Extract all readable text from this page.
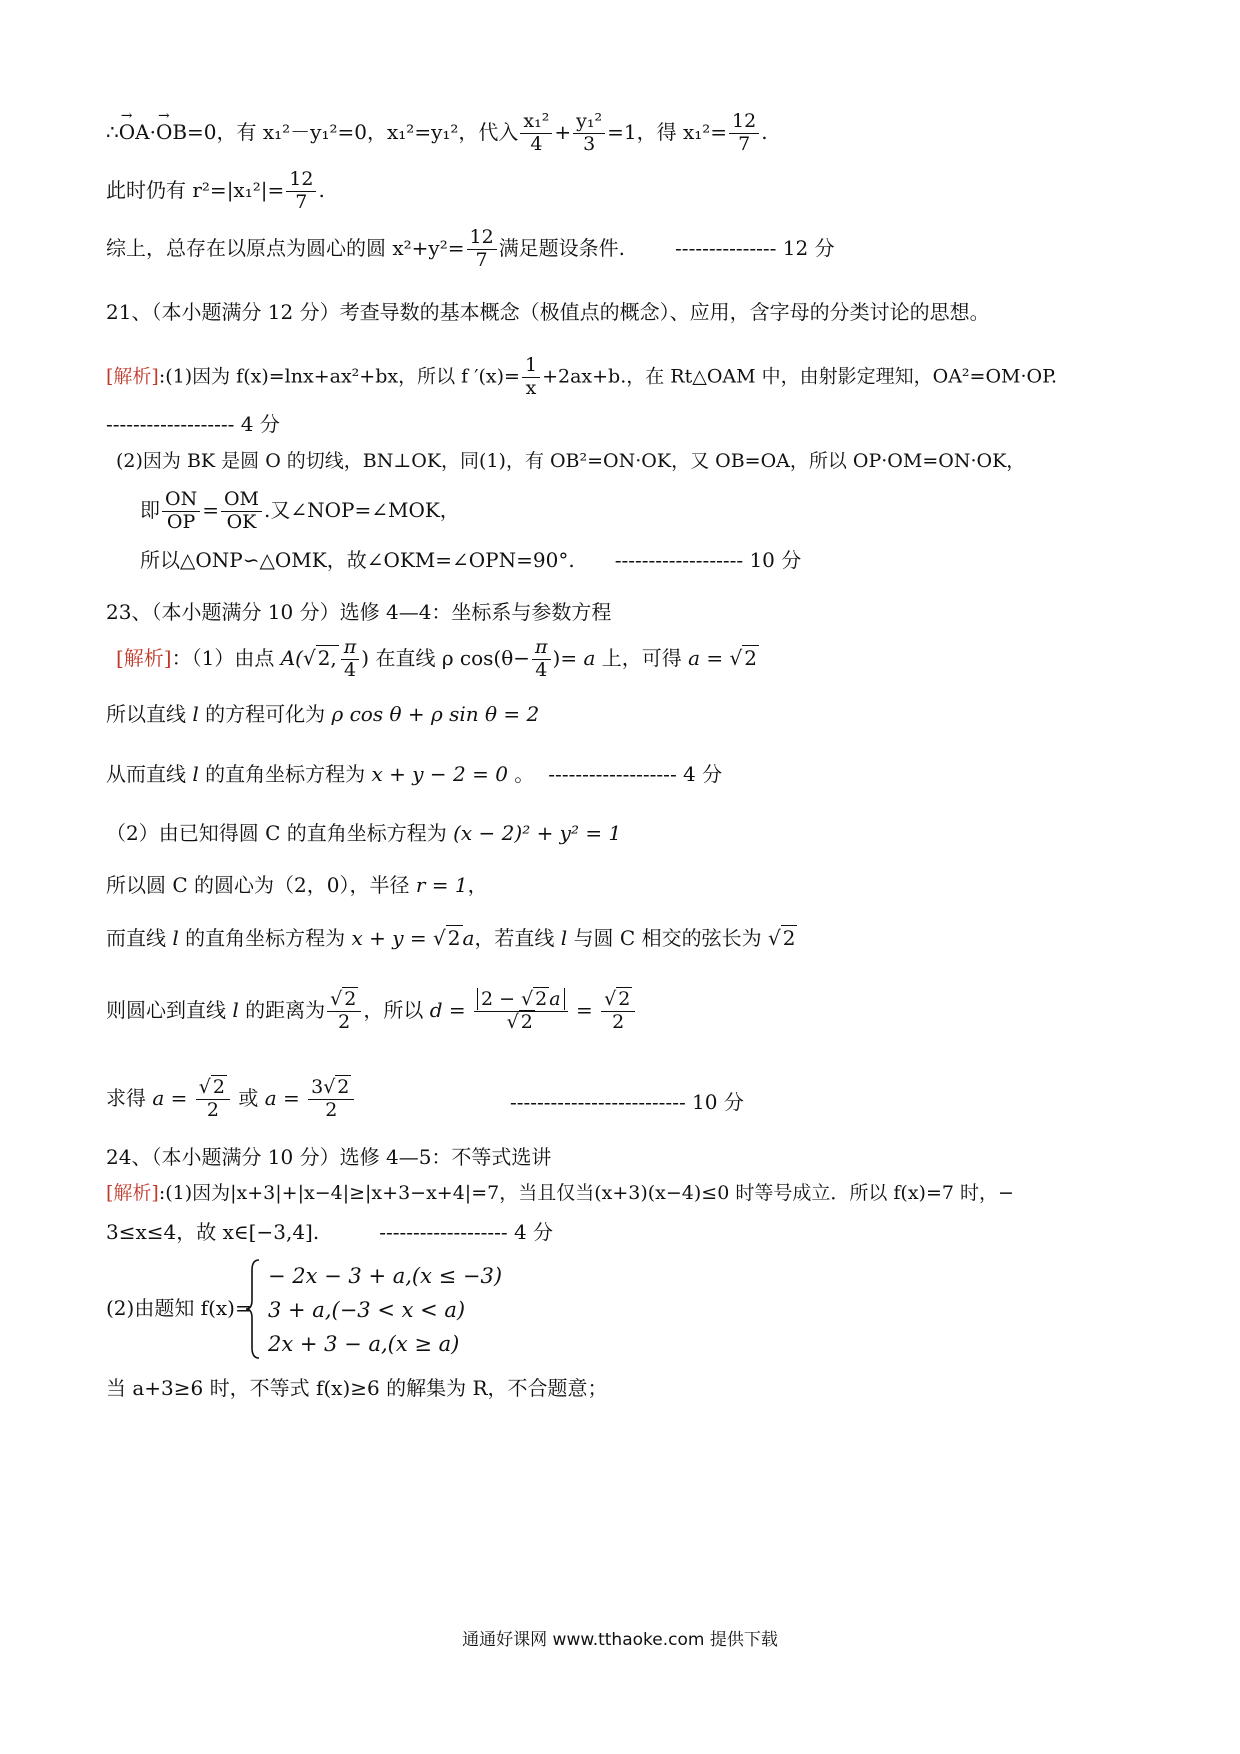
∴→ OA·→ OB=0，有 x₁²－y₁²=0，x₁²=y₁²，代入 $\frac{\text{x₁²}}{4} + \frac{\text{y₁²}}{3} =1$，得 $x_1^2= \frac{12}{7}$ .
此时仍有 $r^2=|x_1^2|= \frac{12}{7}$ .
综上，总存在以原点为圆心的圆 $x^2+y^2= \frac{12}{7}$ 满足题设条件.	--------------- 12 分
21、（本小题满分 12 分）考查导数的基本概念（极值点的概念）、应用，含字母的分类讨论的思想。
[解析]:(1)因为 f(x)=lnx+ax²+bx，所以 f $'(x)= \frac{1}{x} +2ax+b$.，在 Rt△OAM 中，由射影定理知，OA²=OM·OP.
------------------- 4 分
(2)因为 BK 是圆 O 的切线，BN⊥OK，同(1)，有 OB²=ON·OK，又 OB=OA，所以 OP·OM=ON·OK，
即 $\frac{ON}{OP} = \frac{OM}{OK}$ .又∠NOP=∠MOK，
所以△ONP∽△OMK，故∠OKM=∠OPN=90°. ------------------- 10 分
23、（本小题满分 10 分）选修 4—4：坐标系与参数方程
[解析]：（1）由点 A(√ 2, $\frac{\pi}{4}$ ) 在直线 ρ $\cos(\theta- \frac{\pi}{4}$ )= a 上，可得 a = √ 2
所以直线 l 的方程可化为 ρ cos θ + ρ sin θ = 2
从而直线 l 的直角坐标方程为 x + y − 2 = 0 。 ------------------- 4 分
（2）由已知得圆 C 的直角坐标方程为 (x − 2)² + y² = 1
所以圆 C 的圆心为（2，0），半径 r = 1，
而直线 l 的直角坐标方程为 x + y = √ 2 a，若直线 l 与圆 C 相交的弦长为 √ 2
则圆心到直线 l 的距离为 $\frac{√ 2}{2}$ ，所以 $d = \frac{2 - √ 2 a}{√ 2} = \frac{√ 2}{2}$
求得 $a = \frac{√ 2}{2}$ 或 $a = \frac{3√ 2}{2}$	-------------------------- 10 分
24、（本小题满分 10 分）选修 4—5：不等式选讲
[解析]:(1)因为|x+3|+|x−4|≥|x+3−x+4|=7，当且仅当(x+3)(x−4)≤0 时等号成立．所以 f(x)=7 时，−
3≤x≤4，故 x∈[−3,4].	------------------- 4 分
(2)由题知 f(x)=
− 2x − 3 + a,(x ≤ −3)
3 + a,(−3 < x < a)
2x + 3 − a,(x ≥ a)
当 a+3≥6 时，不等式 f(x)≥6 的解集为 R，不合题意；
通通好课网 www.tthaoke.com 提供下载
